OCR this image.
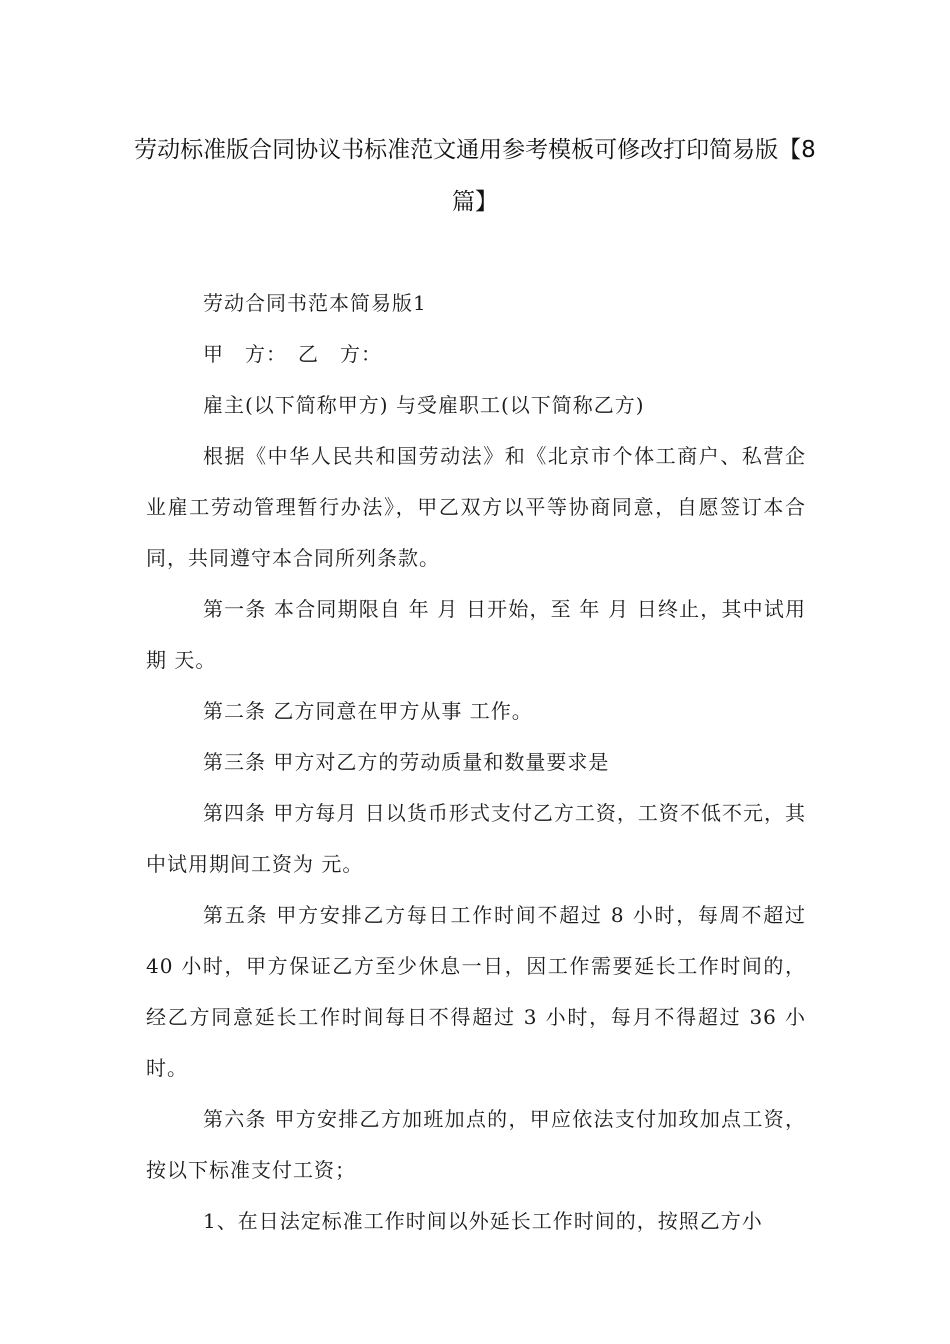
劳动标准版合同协议书标准范文通用参考模板可修改打印简易版【8篇】

劳动合同书范本简易版1

甲　方：　乙　方：

雇主(以下简称甲方) 与受雇职工(以下简称乙方)

根据《中华人民共和国劳动法》和《北京市个体工商户、私营企业雇工劳动管理暂行办法》，甲乙双方以平等协商同意，自愿签订本合同，共同遵守本合同所列条款。

第一条 本合同期限自 年 月 日开始，至 年 月 日终止，其中试用期 天。

第二条 乙方同意在甲方从事 工作。

第三条 甲方对乙方的劳动质量和数量要求是

第四条 甲方每月 日以货币形式支付乙方工资，工资不低不元，其中试用期间工资为 元。

第五条 甲方安排乙方每日工作时间不超过 8 小时，每周不超过 40 小时，甲方保证乙方至少休息一日，因工作需要延长工作时间的，经乙方同意延长工作时间每日不得超过 3 小时，每月不得超过 36 小时。

第六条 甲方安排乙方加班加点的，甲应依法支付加玫加点工资，按以下标准支付工资；

1、在日法定标准工作时间以外延长工作时间的，按照乙方小
